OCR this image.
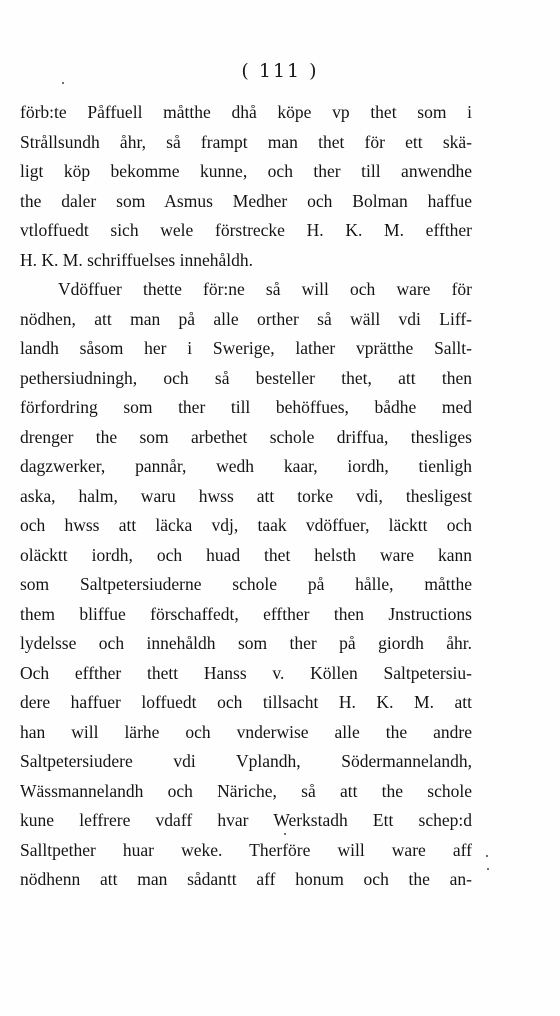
( 111 )
förb:te Påffuell måtthe dhå köpe vp thet som i
Strållsundh åhr, så frampt man thet för ett skä-
ligt köp bekomme kunne, och ther till anwendhe
the daler som Asmus Medher och Bolman haffue
vtloffuedt sich wele förstrecke H. K. M. effther
H. K. M. schriffuelses innehåldh.
Vdöffuer thette för:ne så will och ware för
nödhen, att man på alle orther så wäll vdi Liff-
landh såsom her i Swerige, lather vprätthe Sallt-
pethersiudningh, och så besteller thet, att then
förfordring som ther till behöffues, bådhe med
drenger the som arbethet schole driffua, thesliges
dagzwerker, pannår, wedh kaar, iordh, tienligh
aska, halm, waru hwss att torke vdi, thesligest
och hwss att läcka vdj, taak vdöffuer, läcktt och
oläcktt iordh, och huad thet helsth ware kann
som Saltpetersiuderne schole på hålle, måtthe
them bliffue förschaffedt, effther then Jnstructions
lydelsse och innehåldh som ther på giordh åhr.
Och effther thett Hanss v. Köllen Saltpetersiu-
dere haffuer loffuedt och tillsacht H. K. M. att
han will lärhe och vnderwise alle the andre
Saltpetersiudere vdi Vplandh, Södermannelandh,
Wässmannelandh och Näriche, så att the schole
kune leffrere vdaff hvar Werkstadh Ett schep:d
Salltpether huar weke. Therföre will ware aff
nödhenn att man sådantt aff honum och the an-
